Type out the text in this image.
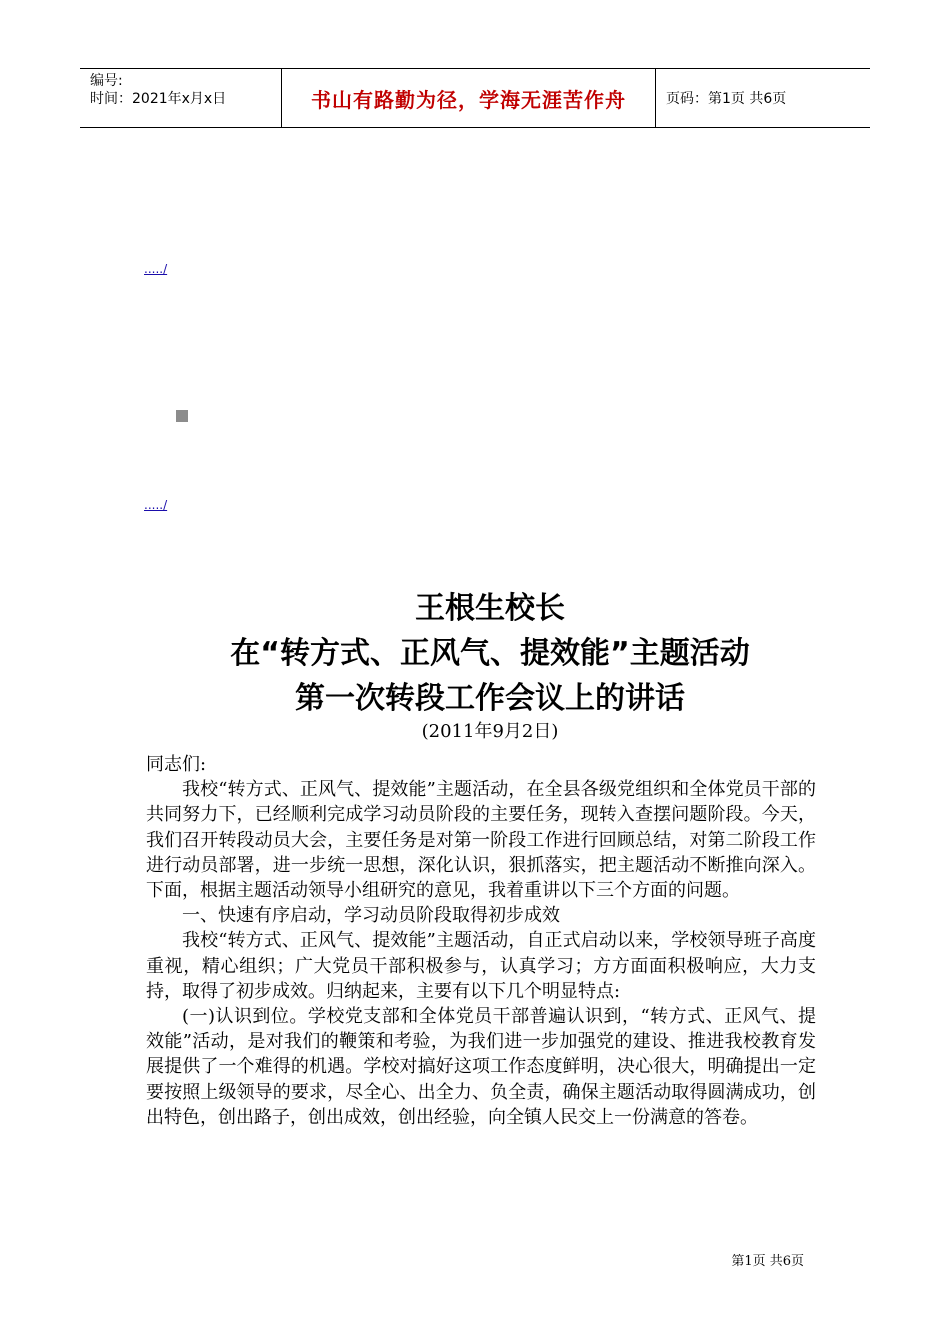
编号:
时间：2021年x月x日	书山有路勤为径，学海无涯苦作舟	页码：第1页 共6页
...../
...../
王根生校长
在“转方式、正风气、提效能”主题活动
第一次转段工作会议上的讲话
(2011年9月2日)

同志们:

我校“转方式、正风气、提效能”主题活动，在全县各级党组织和全体党员干部的共同努力下，已经顺利完成学习动员阶段的主要任务，现转入查摆问题阶段。今天，我们召开转段动员大会，主要任务是对第一阶段工作进行回顾总结，对第二阶段工作进行动员部署，进一步统一思想，深化认识，狠抓落实，把主题活动不断推向深入。下面，根据主题活动领导小组研究的意见，我着重讲以下三个方面的问题。

一、快速有序启动，学习动员阶段取得初步成效

我校“转方式、正风气、提效能”主题活动，自正式启动以来，学校领导班子高度重视，精心组织；广大党员干部积极参与，认真学习；方方面面积极响应，大力支持，取得了初步成效。归纳起来，主要有以下几个明显特点:

(一)认识到位。学校党支部和全体党员干部普遍认识到，“转方式、正风气、提效能”活动，是对我们的鞭策和考验，为我们进一步加强党的建设、推进我校教育发展提供了一个难得的机遇。学校对搞好这项工作态度鲜明，决心很大，明确提出一定要按照上级领导的要求，尽全心、出全力、负全责，确保主题活动取得圆满成功，创出特色，创出路子，创出成效，创出经验，向全镇人民交上一份满意的答卷。

第1页 共6页
